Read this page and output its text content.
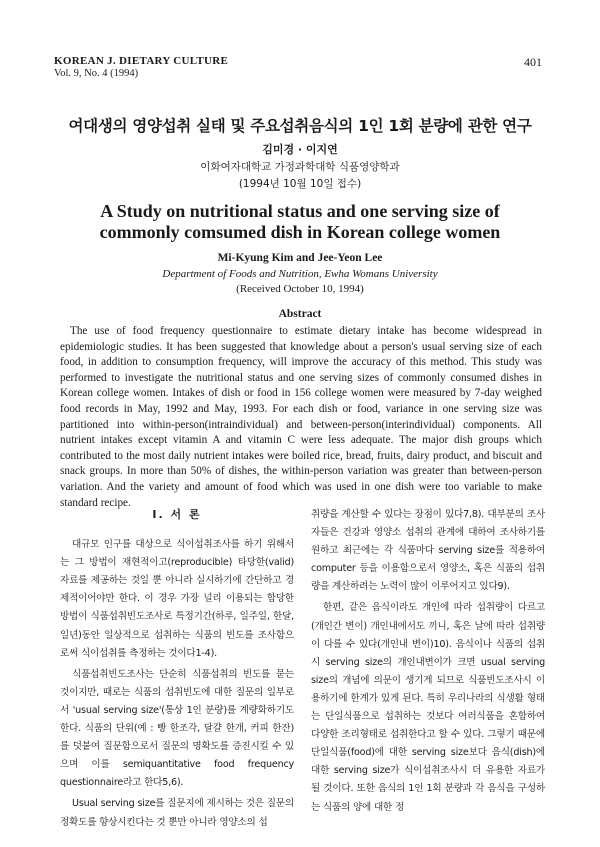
KOREAN J. DIETARY CULTURE
Vol. 9, No. 4 (1994)
401
여대생의 영양섭취 실태 및 주요섭취음식의 1인 1회 분량에 관한 연구
김미경 · 이지연
이화여자대학교 가정과학대학 식품영양학과
(1994년 10월 10일 접수)
A Study on nutritional status and one serving size of
commonly comsumed dish in Korean college women
Mi-Kyung Kim and Jee-Yeon Lee
Department of Foods and Nutrition, Ewha Womans University
(Received October 10, 1994)
Abstract
The use of food frequency questionnaire to estimate dietary intake has become widespread in epidemiologic studies. It has been suggested that knowledge about a person's usual serving size of each food, in addition to consumption frequency, will improve the accuracy of this method. This study was performed to investigate the nutritional status and one serving sizes of commonly consumed dishes in Korean college women. Intakes of dish or food in 156 college women were measured by 7-day weighed food records in May, 1992 and May, 1993. For each dish or food, variance in one serving size was partitioned into within-person(intraindividual) and between-person(interindividual) components. All nutrient intakes except vitamin A and vitamin C were less adequate. The major dish groups which contributed to the most daily nutrient intakes were boiled rice, bread, fruits, dairy product, and biscuit and snack groups. In more than 50% of dishes, the within-person variation was greater than between-person variation. And the variety and amount of food which was used in one dish were too variable to make standard recipe.
I. 서 론

대규모 인구를 대상으로 식이섭취조사를 하기 위해서는 그 방법이 재현적이고(reproducible) 타당한(valid) 자료를 제공하는 것일 뿐 아니라 실시하기에 간단하고 경제적이어야만 한다. 이 경우 가장 널리 이용되는 합당한 방법이 식품섭취빈도조사로 특정기간(하루, 일주일, 한달, 일년)동안 일상적으로 섭취하는 식품의 빈도를 조사함으로써 식이섭취를 측정하는 것이다1-4).

식품섭취빈도조사는 단순히 식품섭취의 빈도를 묻는 것이지만, 때로는 식품의 섭취빈도에 대한 질문의 일부로서 'usual serving size'(통상 1인 분량)를 계량화하기도 한다. 식품의 단위(예 : 빵 한조각, 달걀 한개, 커피 한잔)를 덧붙여 질문함으로서 질문의 명확도를 증진시킬 수 있으며 이를 semiquantitative food frequency questionnaire라고 한다5,6).

Usual serving size를 질문지에 제시하는 것은 질문의 정확도를 향상시킨다는 것 뿐만 아니라 영양소의 섭

취량을 계산할 수 있다는 장점이 있다7,8). 대부분의 조사자들은 건강과 영양소 섭취의 관계에 대하여 조사하기를 원하고 최근에는 각 식품마다 serving size를 적용하여 computer 등을 이용함으로서 영양소, 혹은 식품의 섭취량을 계산하려는 노력이 많이 이루어지고 있다9).

한편, 같은 음식이라도 개인에 따라 섭취량이 다르고(개인간 변이) 개인내에서도 끼니, 혹은 날에 따라 섭취량이 다를 수 있다(개인내 변이)10). 음식이나 식품의 섭취시 serving size의 개인내변이가 크면 usual serving size의 개념에 의문이 생기게 되므로 식품빈도조사시 이용하기에 한계가 있게 된다. 특히 우리나라의 식생활 형태는 단일식품으로 섭취하는 것보다 여러식품을 혼합하여 다양한 조리형태로 섭취한다고 할 수 있다. 그렇기 때문에 단일식품(food)에 대한 serving size보다 음식(dish)에 대한 serving size가 식이섭취조사시 더 유용한 자료가 될 것이다. 또한 음식의 1인 1회 분량과 각 음식을 구성하는 식품의 양에 대한 정
